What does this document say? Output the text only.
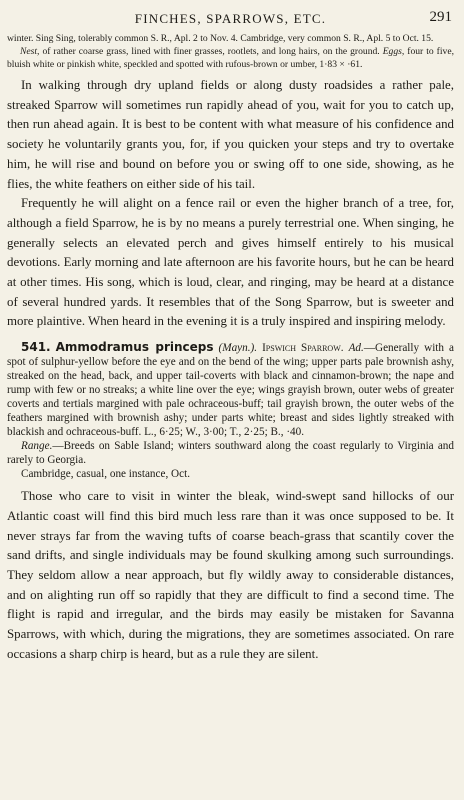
FINCHES, SPARROWS, ETC.	291

winter. Sing Sing, tolerably common S. R., Apl. 2 to Nov. 4. Cambridge, very common S. R., Apl. 5 to Oct. 15.

Nest, of rather coarse grass, lined with finer grasses, rootlets, and long hairs, on the ground. Eggs, four to five, bluish white or pinkish white, speckled and spotted with rufous-brown or umber, 1·83 × ·61.

In walking through dry upland fields or along dusty roadsides a rather pale, streaked Sparrow will sometimes run rapidly ahead of you, wait for you to catch up, then run ahead again. It is best to be content with what measure of his confidence and society he voluntarily grants you, for, if you quicken your steps and try to overtake him, he will rise and bound on before you or swing off to one side, showing, as he flies, the white feathers on either side of his tail.

Frequently he will alight on a fence rail or even the higher branch of a tree, for, although a field Sparrow, he is by no means a purely terrestrial one. When singing, he generally selects an elevated perch and gives himself entirely to his musical devotions. Early morning and late afternoon are his favorite hours, but he can be heard at other times. His song, which is loud, clear, and ringing, may be heard at a distance of several hundred yards. It resembles that of the Song Sparrow, but is sweeter and more plaintive. When heard in the evening it is a truly inspired and inspiring melody.

541. Ammodramus princeps (Mayn.). Ipswich Sparrow. Ad.—Generally with a spot of sulphur-yellow before the eye and on the bend of the wing; upper parts pale brownish ashy, streaked on the head, back, and upper tail-coverts with black and cinnamon-brown; the nape and rump with few or no streaks; a white line over the eye; wings grayish brown, outer webs of greater coverts and tertials margined with pale ochraceous-buff; tail grayish brown, the outer webs of the feathers margined with brownish ashy; under parts white; breast and sides lightly streaked with blackish and ochraceous-buff. L., 6·25; W., 3·00; T., 2·25; B., ·40.

Range.—Breeds on Sable Island; winters southward along the coast regularly to Virginia and rarely to Georgia.

Cambridge, casual, one instance, Oct.

Those who care to visit in winter the bleak, wind-swept sand hillocks of our Atlantic coast will find this bird much less rare than it was once supposed to be. It never strays far from the waving tufts of coarse beach-grass that scantily cover the sand drifts, and single individuals may be found skulking among such surroundings. They seldom allow a near approach, but fly wildly away to considerable distances, and on alighting run off so rapidly that they are difficult to find a second time. The flight is rapid and irregular, and the birds may easily be mistaken for Savanna Sparrows, with which, during the migrations, they are sometimes associated. On rare occasions a sharp chirp is heard, but as a rule they are silent.
